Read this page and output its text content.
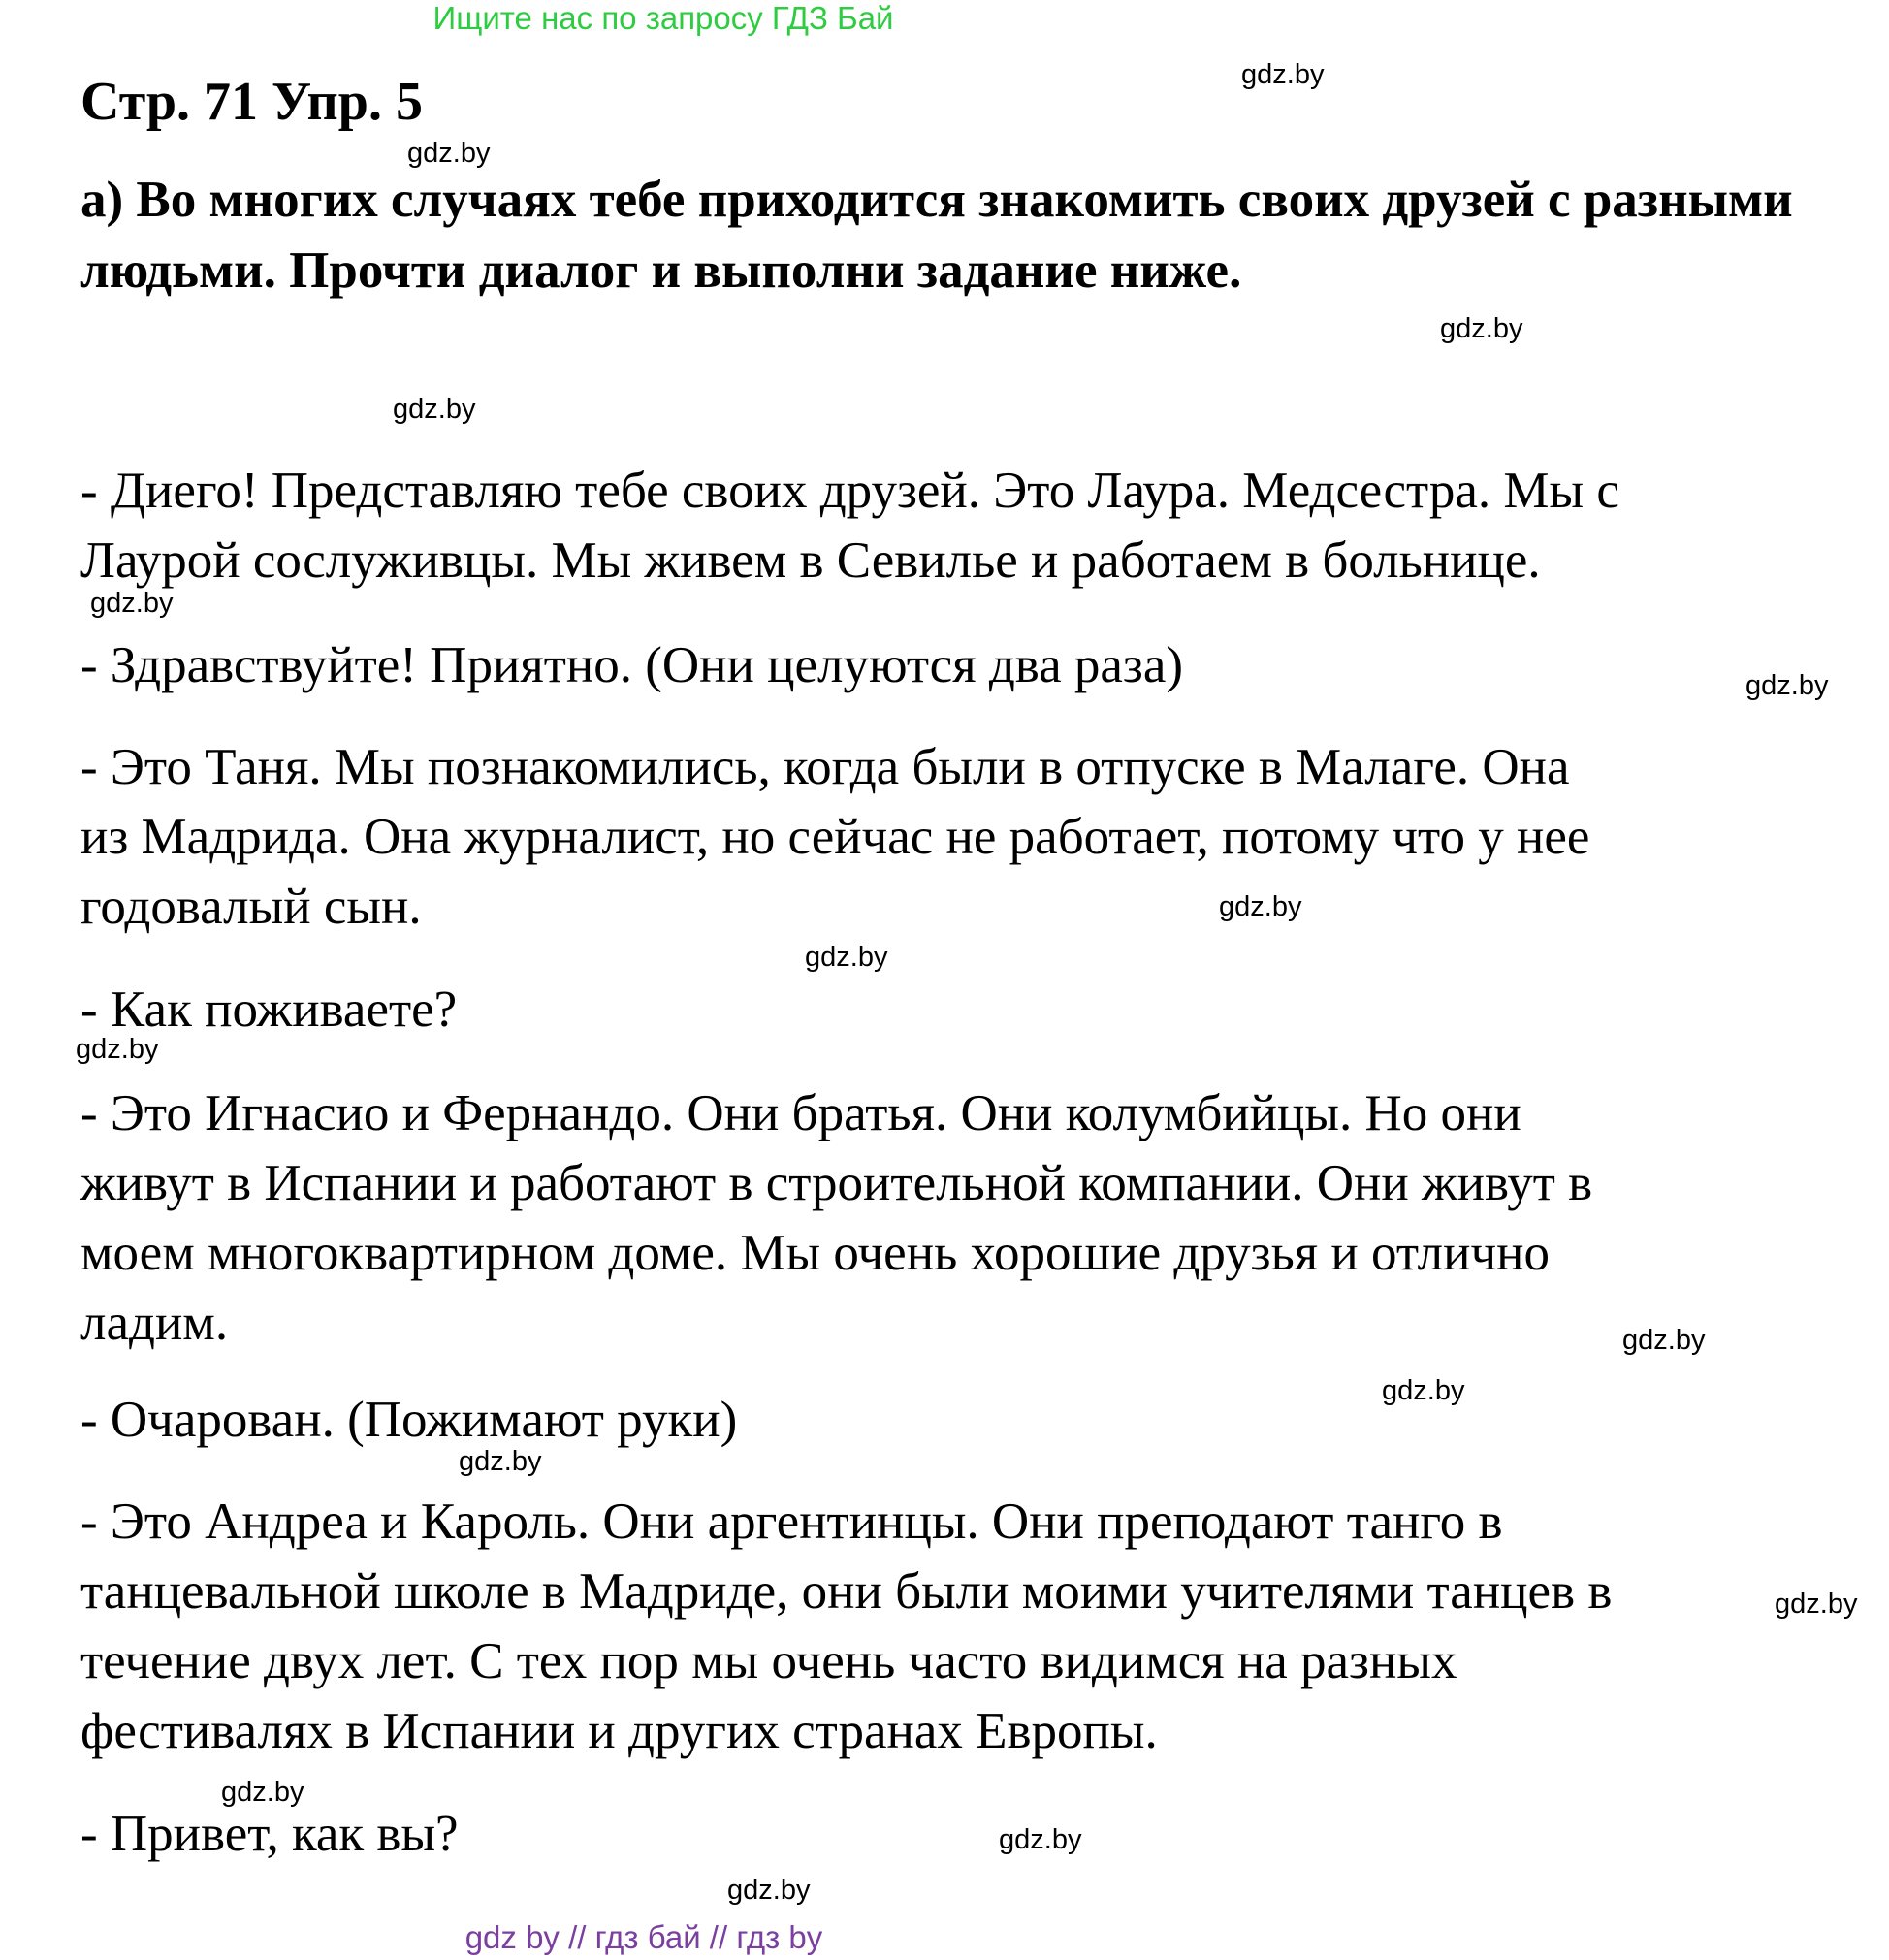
Ищите нас по запросу ГДЗ Бай
Стр. 71 Упр. 5
а) Во многих случаях тебе приходится знакомить своих друзей с разными людьми. Прочти диалог и выполни задание ниже.
- Диего! Представляю тебе своих друзей. Это Лаура. Медсестра. Мы с
Лаурой сослуживцы. Мы живем в Севилье и работаем в больнице.
- Здравствуйте! Приятно. (Они целуются два раза)
- Это Таня. Мы познакомились, когда были в отпуске в Малаге. Она
из Мадрида. Она журналист, но сейчас не работает, потому что у нее
годовалый сын.
- Как поживаете?
- Это Игнасио и Фернандо. Они братья. Они колумбийцы. Но они
живут в Испании и работают в строительной компании. Они живут в
моем многоквартирном доме. Мы очень хорошие друзья и отлично
ладим.
- Очарован. (Пожимают руки)
- Это Андреа и Кароль. Они аргентинцы. Они преподают танго в
танцевальной школе в Мадриде, они были моими учителями танцев в
течение двух лет. С тех пор мы очень часто видимся на разных
фестивалях в Испании и других странах Европы.
- Привет, как вы?
gdz.by
gdz.by
gdz.by
gdz.by
gdz.by
gdz.by
gdz.by
gdz.by
gdz.by
gdz.by
gdz.by
gdz.by
gdz.by
gdz.by
gdz.by
gdz.by
gdz by // гдз бай // гдз by
